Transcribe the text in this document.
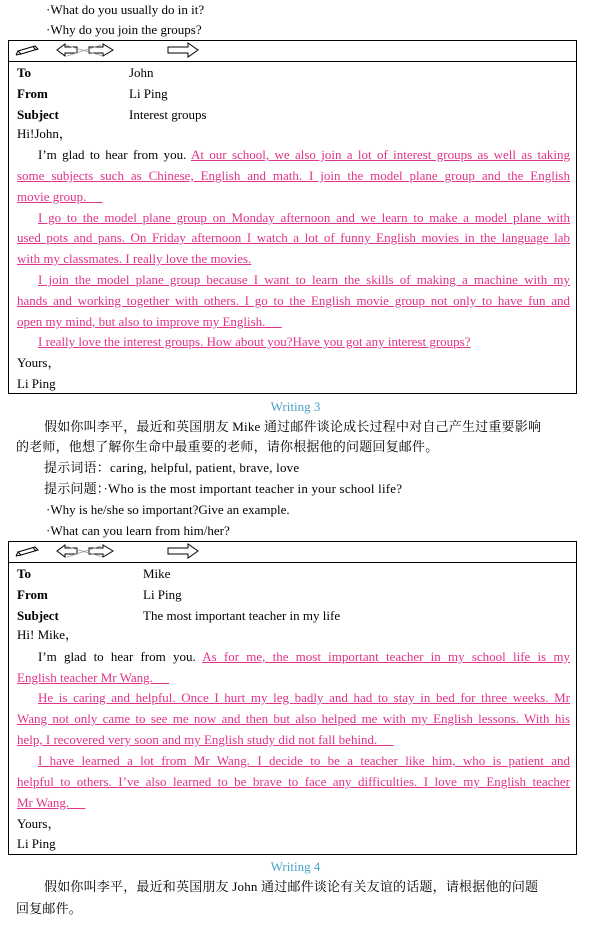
·What do you usually do in it?
·Why do you join the groups?
To	John
From	Li Ping
Subject	Interest groups
Hi!John，
I’m glad to hear from you. At our school, we also join a lot of interest groups as well as taking
some subjects such as Chinese, English and math. I join the model plane group and the English
movie group.
I go to the model plane group on Monday afternoon and we learn to make a model plane with
used pots and pans. On Friday afternoon I watch a lot of funny English movies in the language lab
with my classmates. I really love the movies.
I join the model plane group because I want to learn the skills of making a machine with my
hands and working together with others. I go to the English movie group not only to have fun and
open my mind, but also to improve my English.
I really love the interest groups. How about you?Have you got any interest groups?
Yours，
Li Ping
Writing 3
假如你叫李平，最近和英国朋友 Mike 通过邮件谈论成长过程中对自己产生过重要影响
的老师，他想了解你生命中最重要的老师，请你根据他的问题回复邮件。
提示词语：caring, helpful, patient, brave, love
提示问题：·Who is the most important teacher in your school life?
·Why is he/she so important?Give an example.
·What can you learn from him/her?
To	Mike
From	Li Ping
Subject	The most important teacher in my life
Hi! Mike，
I’m glad to hear from you. As for me, the most important teacher in my school life is my
English teacher Mr Wang.
He is caring and helpful. Once I hurt my leg badly and had to stay in bed for three weeks. Mr
Wang not only came to see me now and then but also helped me with my English lessons. With his
help, I recovered very soon and my English study did not fall behind.
I have learned a lot from Mr Wang. I decide to be a teacher like him, who is patient and
helpful to others. I’ve also learned to be brave to face any difficulties. I love my English teacher
Mr Wang.
Yours，
Li Ping
Writing 4
假如你叫李平，最近和英国朋友 John 通过邮件谈论有关友谊的话题，请根据他的问题
回复邮件。
